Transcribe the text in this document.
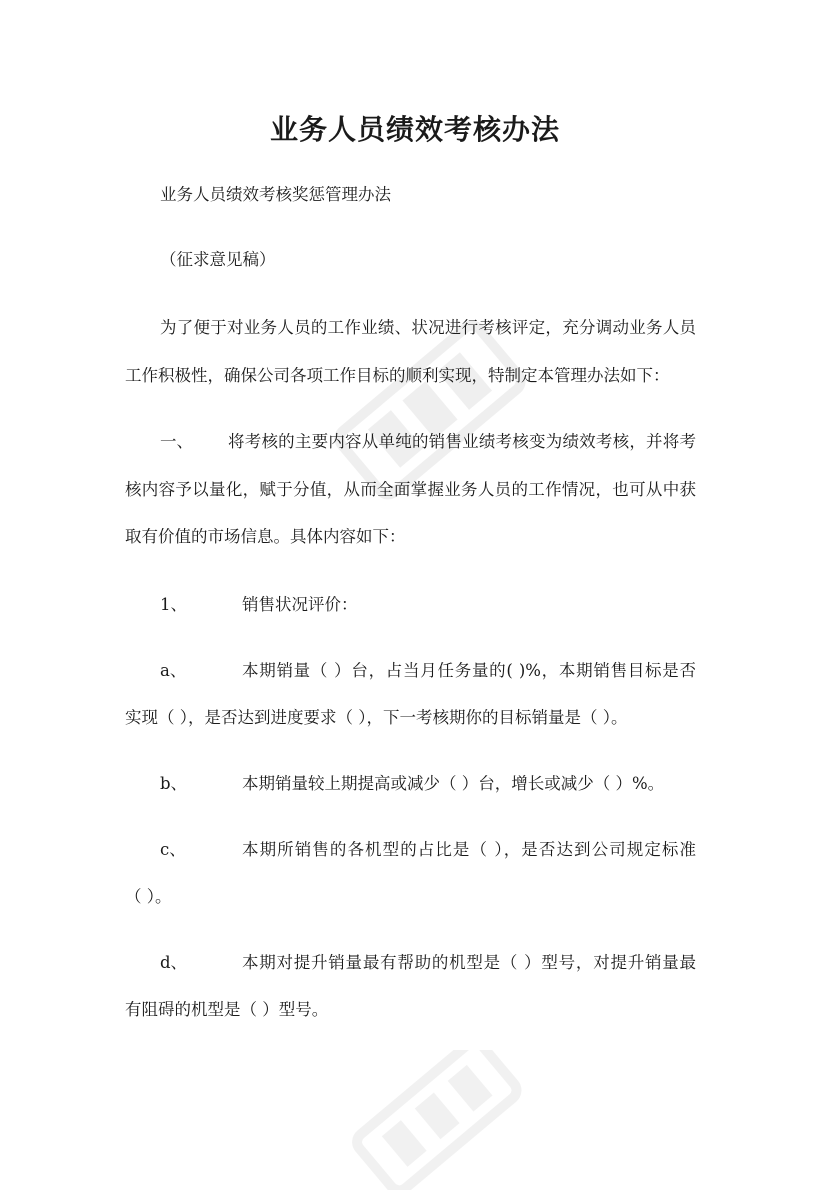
业务人员绩效考核办法

业务人员绩效考核奖惩管理办法

（征求意见稿）

为了便于对业务人员的工作业绩、状况进行考核评定，充分调动业务人员

工作积极性，确保公司各项工作目标的顺利实现，特制定本管理办法如下：

一、 将考核的主要内容从单纯的销售业绩考核变为绩效考核，并将考

核内容予以量化，赋于分值，从而全面掌握业务人员的工作情况，也可从中获

取有价值的市场信息。具体内容如下：

1、	销售状况评价：

a、	本期销量（ ）台，占当月任务量的( )%，本期销售目标是否

实现（ ），是否达到进度要求（ ），下一考核期你的目标销量是（ ）。

b、	本期销量较上期提高或减少（ ）台，增长或减少（ ）%。

c、	本期所销售的各机型的占比是（ ），是否达到公司规定标准

（ ）。

d、	本期对提升销量最有帮助的机型是（ ）型号，对提升销量最

有阻碍的机型是（ ）型号。
